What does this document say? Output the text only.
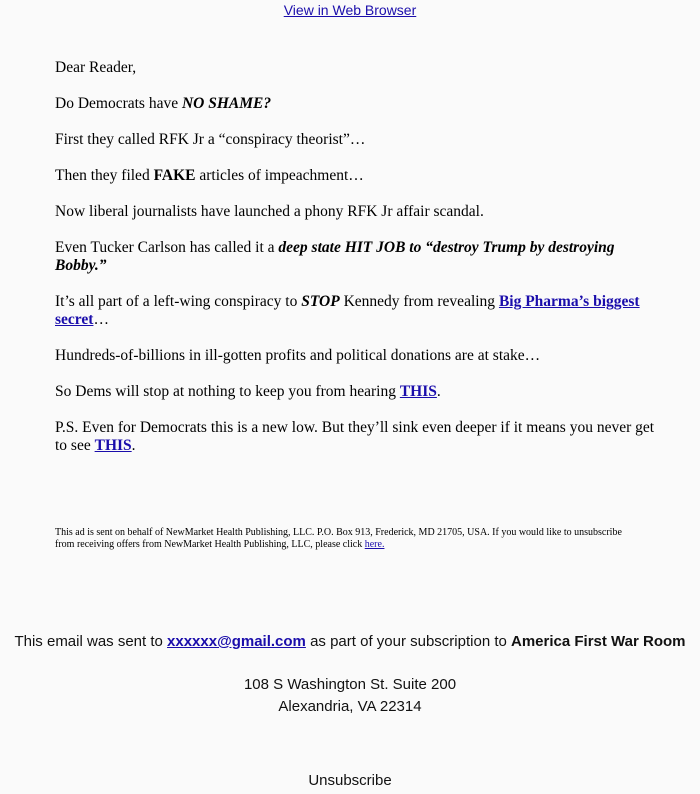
View in Web Browser

Dear Reader,

Do Democrats have NO SHAME?

First they called RFK Jr a “conspiracy theorist”…

Then they filed FAKE articles of impeachment…

Now liberal journalists have launched a phony RFK Jr affair scandal.

Even Tucker Carlson has called it a deep state HIT JOB to “destroy Trump by destroying Bobby.”

It’s all part of a left-wing conspiracy to STOP Kennedy from revealing Big Pharma’s biggest secret…

Hundreds-of-billions in ill-gotten profits and political donations are at stake…

So Dems will stop at nothing to keep you from hearing THIS.

P.S. Even for Democrats this is a new low. But they’ll sink even deeper if it means you never get to see THIS.

This ad is sent on behalf of NewMarket Health Publishing, LLC. P.O. Box 913, Frederick, MD 21705, USA. If you would like to unsubscribe from receiving offers from NewMarket Health Publishing, LLC, please click here.
This email was sent to xxxxxx@gmail.com as part of your subscription to America First War Room
108 S Washington St. Suite 200
Alexandria, VA 22314
Unsubscribe
